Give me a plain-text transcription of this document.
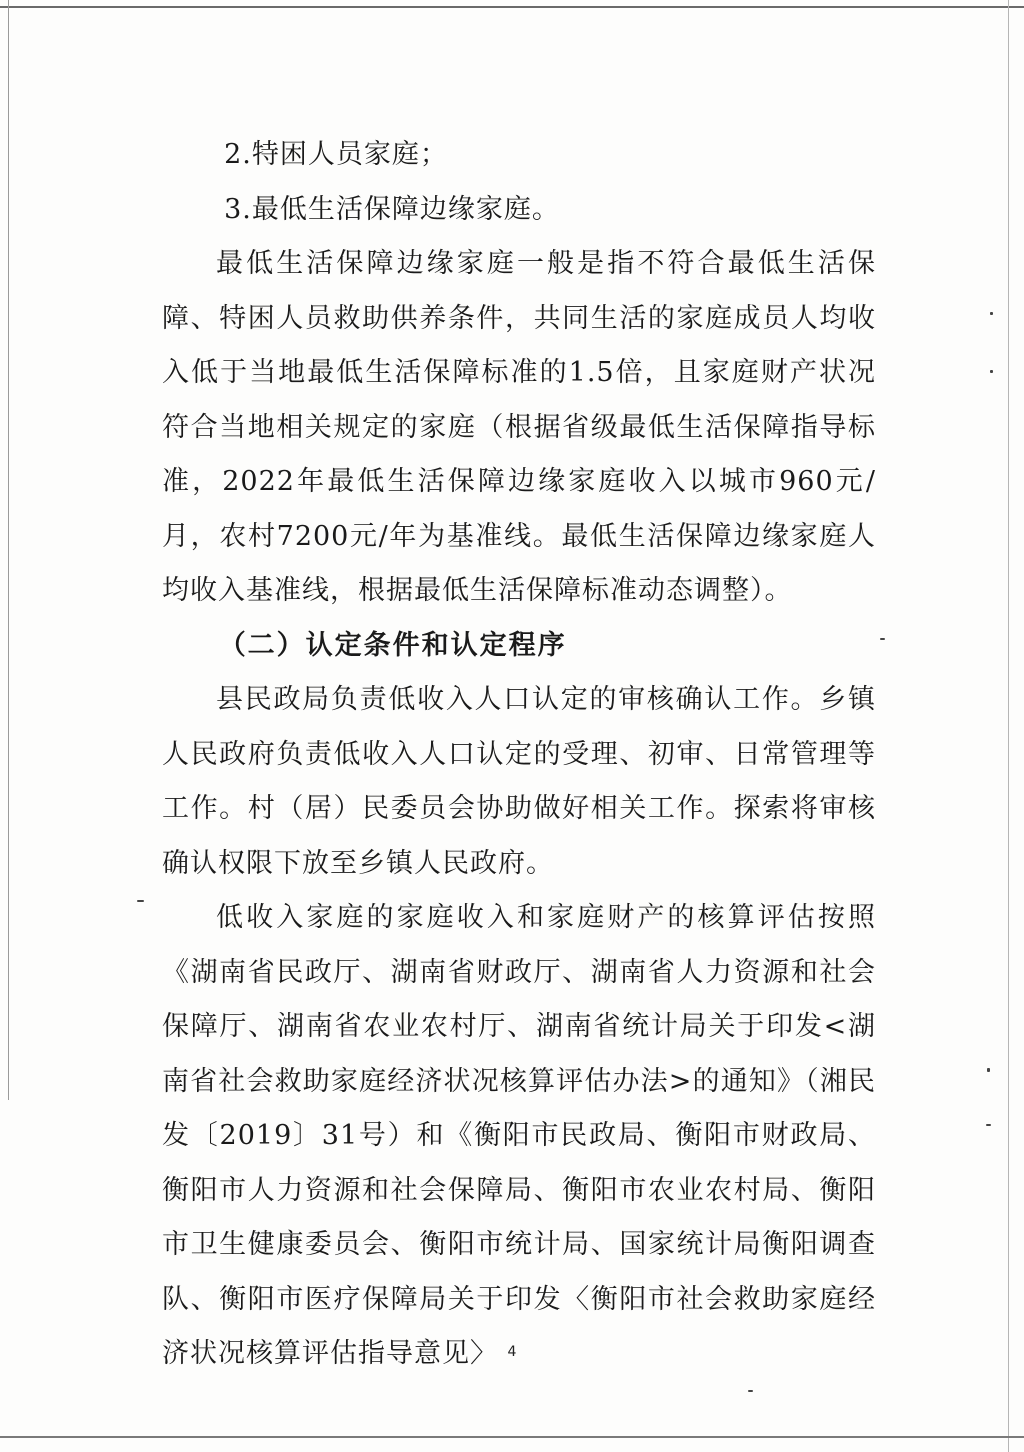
2.特困人员家庭；

3.最低生活保障边缘家庭。

最低生活保障边缘家庭一般是指不符合最低生活保障、特困人员救助供养条件，共同生活的家庭成员人均收入低于当地最低生活保障标准的1.5倍，且家庭财产状况符合当地相关规定的家庭（根据省级最低生活保障指导标准，2022年最低生活保障边缘家庭收入以城市960元/月，农村7200元/年为基准线。最低生活保障边缘家庭人均收入基准线，根据最低生活保障标准动态调整）。

（二）认定条件和认定程序

县民政局负责低收入人口认定的审核确认工作。乡镇人民政府负责低收入人口认定的受理、初审、日常管理等工作。村（居）民委员会协助做好相关工作。探索将审核确认权限下放至乡镇人民政府。

低收入家庭的家庭收入和家庭财产的核算评估按照《湖南省民政厅、湖南省财政厅、湖南省人力资源和社会保障厅、湖南省农业农村厅、湖南省统计局关于印发<湖南省社会救助家庭经济状况核算评估办法>的通知》（湘民发〔2019〕31号）和《衡阳市民政局、衡阳市财政局、衡阳市人力资源和社会保障局、衡阳市农业农村局、衡阳市卫生健康委员会、衡阳市统计局、国家统计局衡阳调查队、衡阳市医疗保障局关于印发〈衡阳市社会救助家庭经济状况核算评估指导意见〉 4
